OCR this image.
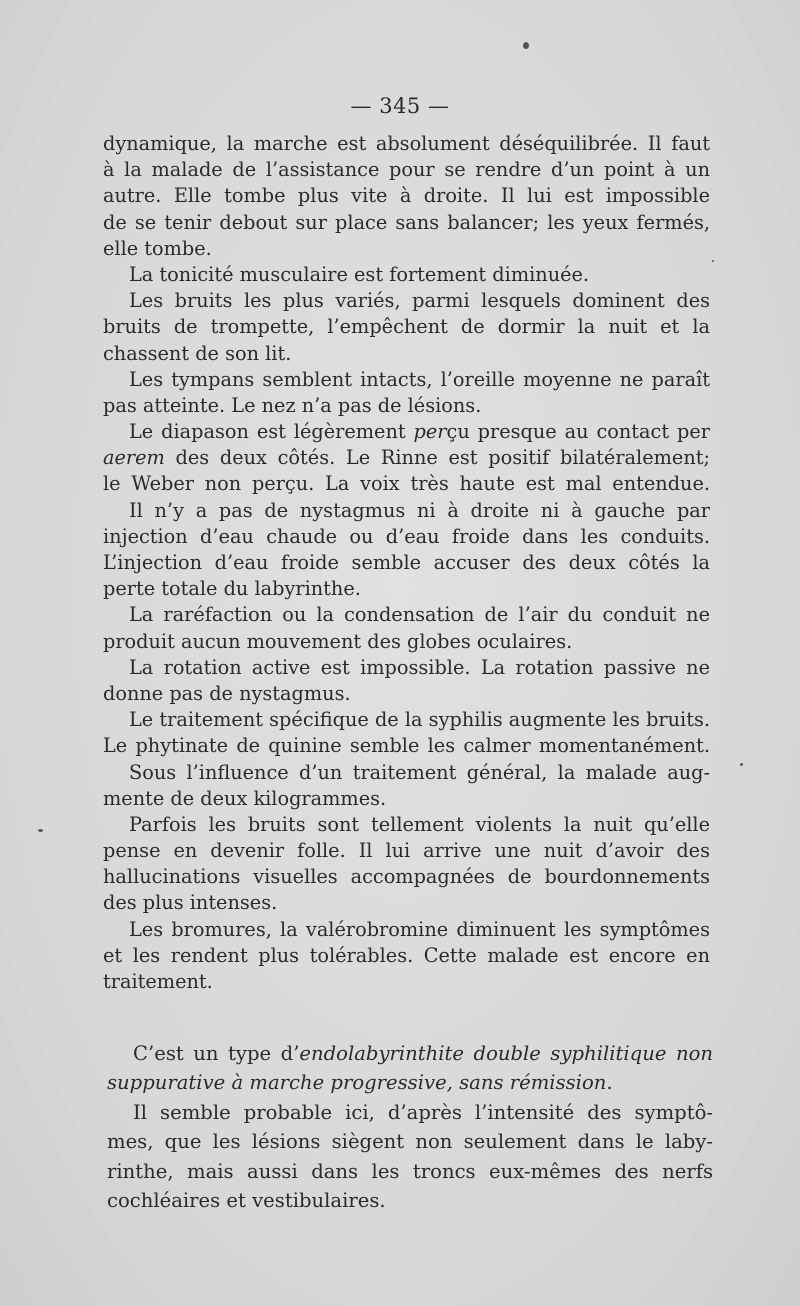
— 345 —
dynamique, la marche est absolument déséquilibrée. Il faut
à la malade de l’assistance pour se rendre d’un point à un
autre. Elle tombe plus vite à droite. Il lui est impossible
de se tenir debout sur place sans balancer; les yeux fermés,
elle tombe.
La tonicité musculaire est fortement diminuée.
Les bruits les plus variés, parmi lesquels dominent des
bruits de trompette, l’empêchent de dormir la nuit et la
chassent de son lit.
Les tympans semblent intacts, l’oreille moyenne ne paraît
pas atteinte. Le nez n’a pas de lésions.
Le diapason est légèrement perçu presque au contact per
aerem des deux côtés. Le Rinne est positif bilatéralement;
le Weber non perçu. La voix très haute est mal entendue.
Il n’y a pas de nystagmus ni à droite ni à gauche par
injection d’eau chaude ou d’eau froide dans les conduits.
L’injection d’eau froide semble accuser des deux côtés la
perte totale du labyrinthe.
La raréfaction ou la condensation de l’air du conduit ne
produit aucun mouvement des globes oculaires.
La rotation active est impossible. La rotation passive ne
donne pas de nystagmus.
Le traitement spécifique de la syphilis augmente les bruits.
Le phytinate de quinine semble les calmer momentanément.
Sous l’influence d’un traitement général, la malade aug-
mente de deux kilogrammes.
Parfois les bruits sont tellement violents la nuit qu’elle
pense en devenir folle. Il lui arrive une nuit d’avoir des
hallucinations visuelles accompagnées de bourdonnements
des plus intenses.
Les bromures, la valérobromine diminuent les symptômes
et les rendent plus tolérables. Cette malade est encore en
traitement.
C’est un type d’endolabyrinthite double syphilitique non
suppurative à marche progressive, sans rémission.
Il semble probable ici, d’après l’intensité des symptô-
mes, que les lésions siègent non seulement dans le laby-
rinthe, mais aussi dans les troncs eux-mêmes des nerfs
cochléaires et vestibulaires.
